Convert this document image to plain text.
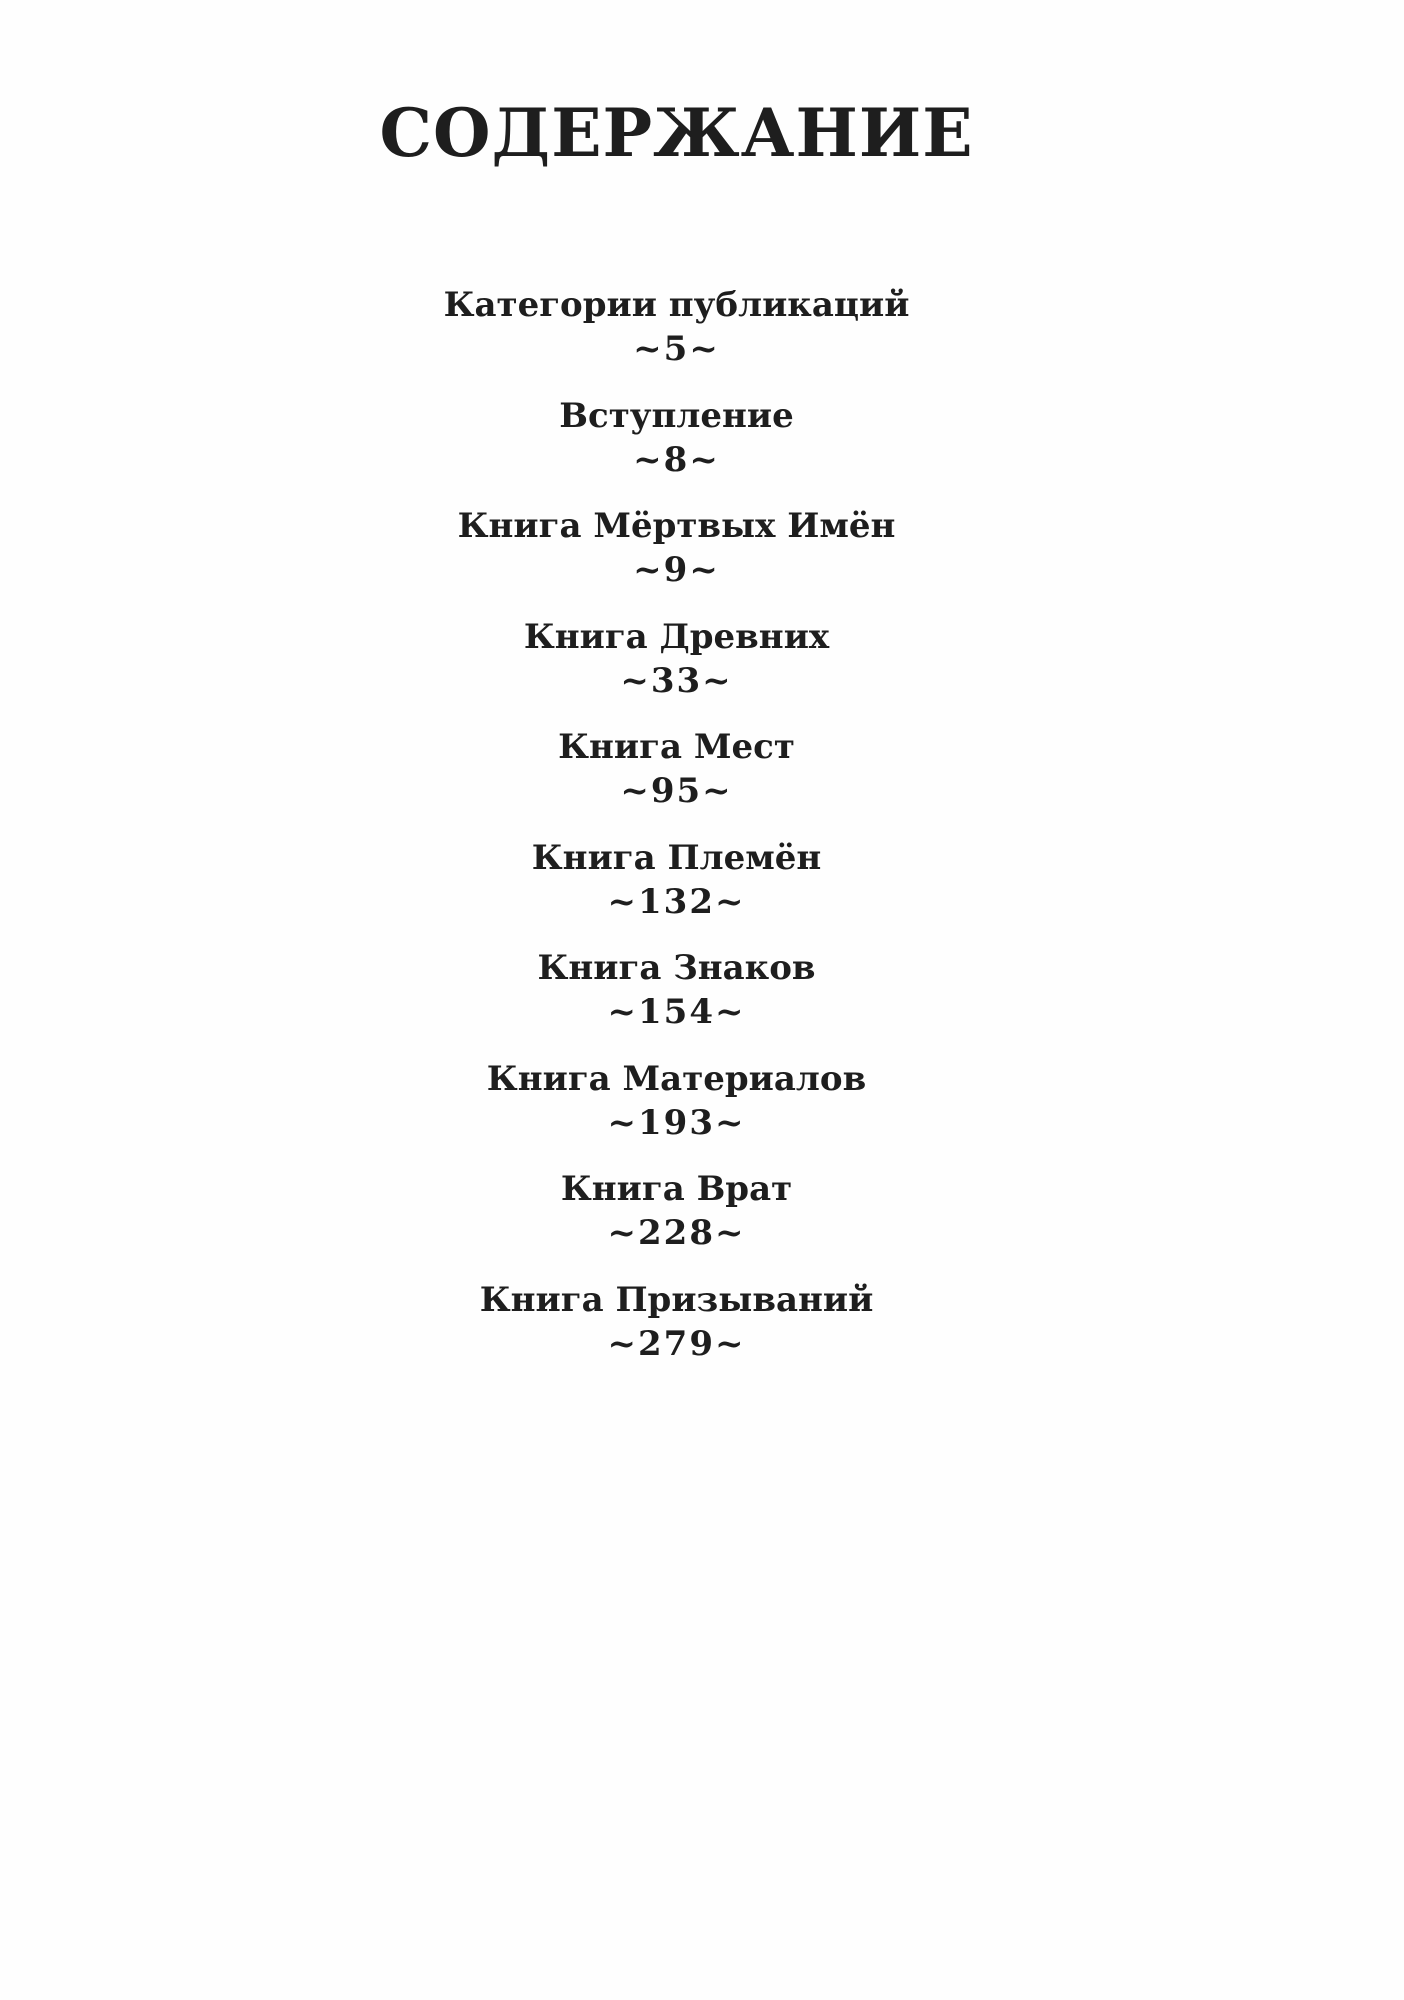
СОДЕРЖАНИЕ
Категории публикаций
~5~
Вступление
~8~
Книга Мёртвых Имён
~9~
Книга Древних
~33~
Книга Мест
~95~
Книга Племён
~132~
Книга Знаков
~154~
Книга Материалов
~193~
Книга Врат
~228~
Книга Призываний
~279~
